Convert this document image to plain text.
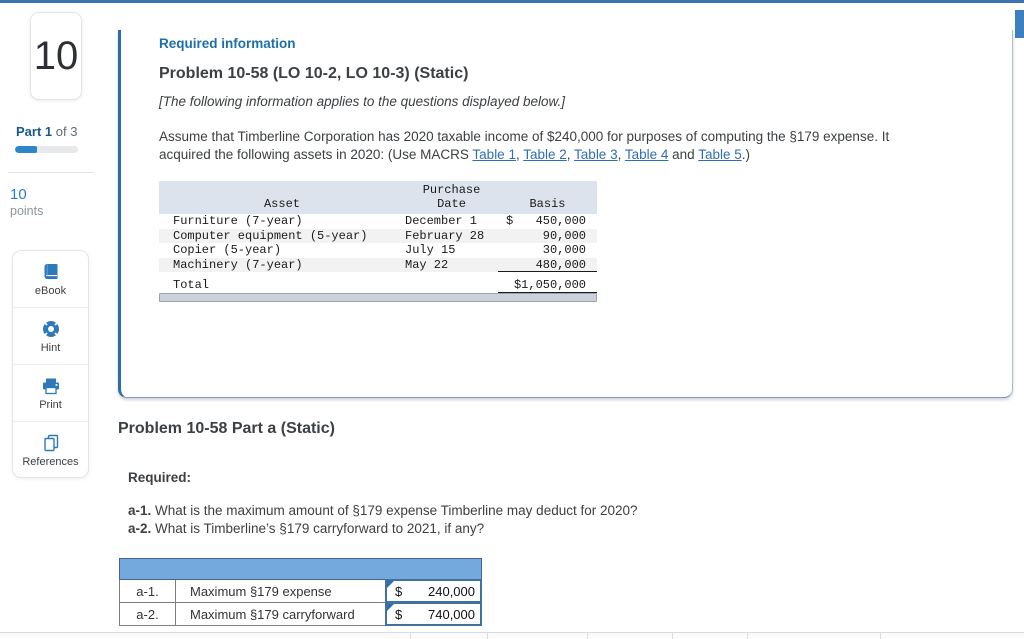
10
Part 1 of 3
10
points
eBook
Hint
Print
References
Required information
Problem 10-58 (LO 10-2, LO 10-3) (Static)
[The following information applies to the questions displayed below.]
Assume that Timberline Corporation has 2020 taxable income of $240,000 for purposes of computing the §179 expense. It acquired the following assets in 2020: (Use MACRS Table 1, Table 2, Table 3, Table 4 and Table 5.)
Asset
Purchase
Date	Basis
Furniture (7-year)	December 1	$	450,000
Computer equipment (5-year)	February 28	90,000
Copier (5-year)	July 15	30,000
Machinery (7-year)	May 22	480,000
Total	$1,050,000
Problem 10-58 Part a (Static)
Required:
a-1. What is the maximum amount of §179 expense Timberline may deduct for 2020?
a-2. What is Timberline’s §179 carryforward to 2021, if any?
a-1.	Maximum §179 expense	$	240,000
a-2.	Maximum §179 carryforward	$	740,000
